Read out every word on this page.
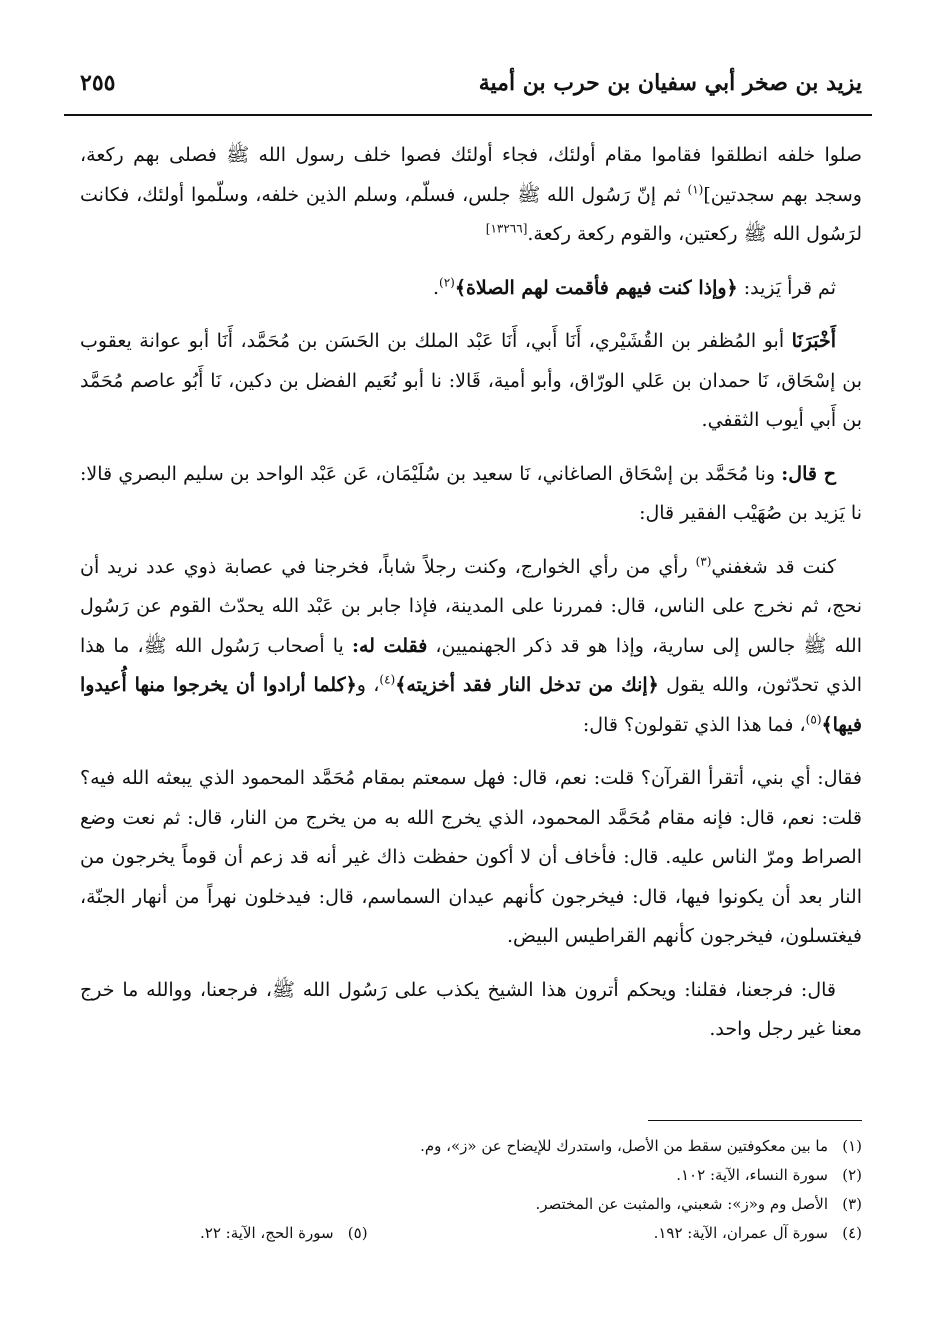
يزيد بن صخر أبي سفيان بن حرب بن أمية
٢٥٥

صلوا خلفه انطلقوا فقاموا مقام أولئك، فجاء أولئك فصوا خلف رسول الله ﷺ فصلى بهم ركعة، وسجد بهم سجدتين]$^{(١)}$ ثم إنّ رَسُول الله ﷺ جلس، فسلّم، وسلم الذين خلفه، وسلّموا أولئك، فكانت لرَسُول الله ﷺ ركعتين، والقوم ركعة ركعة.[١٣٢٦٦]

ثم قرأ يَزيد: ﴿وإذا كنت فيهم فأقمت لهم الصلاة﴾$^{(٢)}$.

أَخْبَرَنَا أبو المُظفر بن القُشَيْري، أَنَا أَبي، أَنَا عَبْد الملك بن الحَسَن بن مُحَمَّد، أَنَا أبو عوانة يعقوب بن إسْحَاق، نَا حمدان بن عَلي الورّاق، وأبو أمية، قَالا: نا أبو نُعَيم الفضل بن دكين، نَا أَبُو عاصم مُحَمَّد بن أَبي أيوب الثقفي.

ح قال: ونا مُحَمَّد بن إسْحَاق الصاغاني، نَا سعيد بن سُلَيْمَان، عَن عَبْد الواحد بن سليم البصري قالا: نا يَزيد بن صُهَيْب الفقير قال:

كنت قد شغفني$^{(٣)}$ رأي من رأي الخوارج، وكنت رجلاً شاباً، فخرجنا في عصابة ذوي عدد نريد أن نحج، ثم نخرج على الناس، قال: فمررنا على المدينة، فإذا جابر بن عَبْد الله يحدّث القوم عن رَسُول الله ﷺ جالس إلى سارية، وإذا هو قد ذكر الجهنميين، فقلت له: يا أصحاب رَسُول الله ﷺ، ما هذا الذي تحدّثون، والله يقول ﴿إنك من تدخل النار فقد أخزيته﴾$^{(٤)}$، و﴿كلما أرادوا أن يخرجوا منها أُعيدوا فيها﴾$^{(٥)}$، فما هذا الذي تقولون؟ قال:

فقال: أي بني، أتقرأ القرآن؟ قلت: نعم، قال: فهل سمعتم بمقام مُحَمَّد المحمود الذي يبعثه الله فيه؟ قلت: نعم، قال: فإنه مقام مُحَمَّد المحمود، الذي يخرج الله به من يخرج من النار، قال: ثم نعت وضع الصراط ومرّ الناس عليه. قال: فأخاف أن لا أكون حفظت ذاك غير أنه قد زعم أن قوماً يخرجون من النار بعد أن يكونوا فيها، قال: فيخرجون كأنهم عيدان السماسم، قال: فيدخلون نهراً من أنهار الجنّة، فيغتسلون، فيخرجون كأنهم القراطيس البيض.

قال: فرجعنا، فقلنا: ويحكم أترون هذا الشيخ يكذب على رَسُول الله ﷺ، فرجعنا، ووالله ما خرج معنا غير رجل واحد.

(١)ما بين معكوفتين سقط من الأصل، واستدرك للإيضاح عن «ز»، وم.
(٢)سورة النساء، الآية: ١٠٢.
(٣)الأصل وم و«ز»: شعبني، والمثبت عن المختصر.
(٤)سورة آل عمران، الآية: ١٩٢.
(٥)سورة الحج، الآية: ٢٢.
